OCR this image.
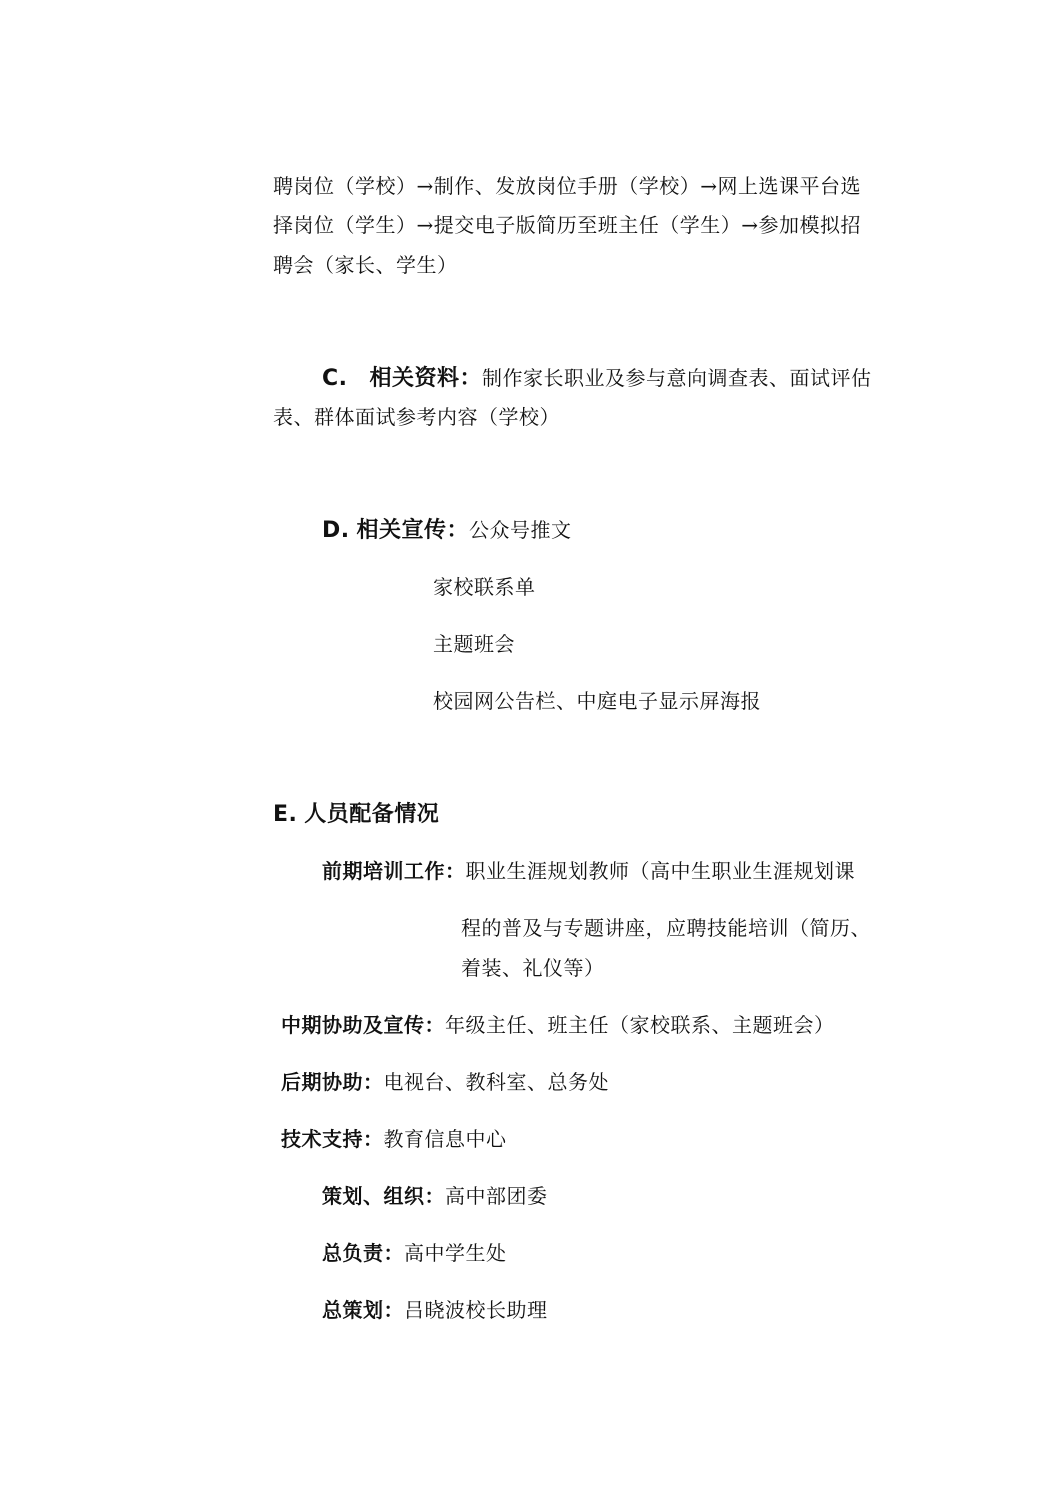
聘岗位（学校）→制作、发放岗位手册（学校）→网上选课平台选
择岗位（学生）→提交电子版简历至班主任（学生）→参加模拟招
聘会（家长、学生）
C. 相关资料：制作家长职业及参与意向调查表、面试评估
表、群体面试参考内容（学校）
D. 相关宣传：公众号推文
家校联系单
主题班会
校园网公告栏、中庭电子显示屏海报
E. 人员配备情况
前期培训工作：职业生涯规划教师（高中生职业生涯规划课
程的普及与专题讲座，应聘技能培训（简历、
着装、礼仪等）
中期协助及宣传：年级主任、班主任（家校联系、主题班会）
后期协助：电视台、教科室、总务处
技术支持：教育信息中心
策划、组织：高中部团委
总负责：高中学生处
总策划：吕晓波校长助理
